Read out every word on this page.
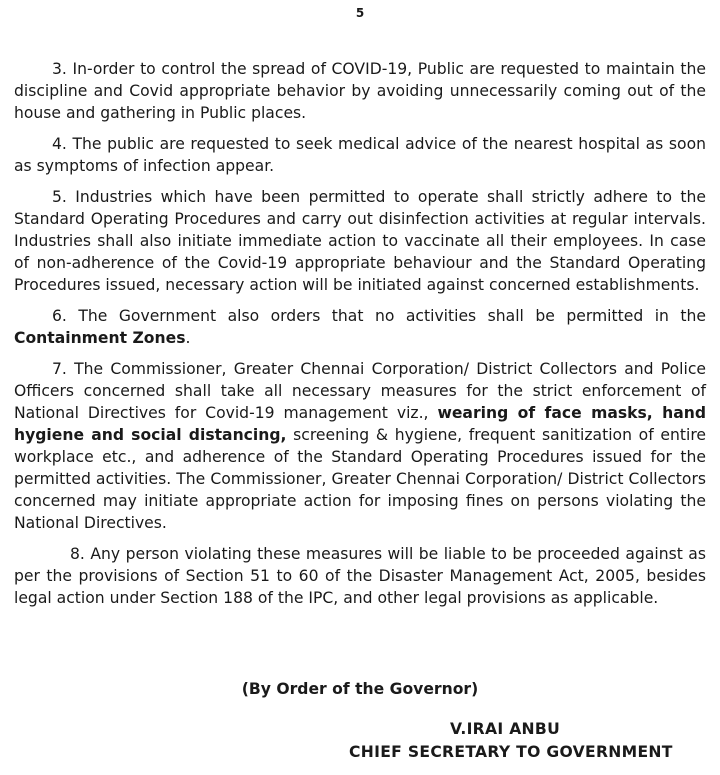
5

3. In-order to control the spread of COVID-19, Public are requested to maintain the discipline and Covid appropriate behavior by avoiding unnecessarily coming out of the house and gathering in Public places.

4. The public are requested to seek medical advice of the nearest hospital as soon as symptoms of infection appear.

5. Industries which have been permitted to operate shall strictly adhere to the Standard Operating Procedures and carry out disinfection activities at regular intervals. Industries shall also initiate immediate action to vaccinate all their employees. In case of non-adherence of the Covid-19 appropriate behaviour and the Standard Operating Procedures issued, necessary action will be initiated against concerned establishments.

6. The Government also orders that no activities shall be permitted in the Containment Zones.

7. The Commissioner, Greater Chennai Corporation/ District Collectors and Police Officers concerned shall take all necessary measures for the strict enforcement of National Directives for Covid-19 management viz., wearing of face masks, hand hygiene and social distancing, screening & hygiene, frequent sanitization of entire workplace etc., and adherence of the Standard Operating Procedures issued for the permitted activities. The Commissioner, Greater Chennai Corporation/ District Collectors concerned may initiate appropriate action for imposing fines on persons violating the National Directives.

8. Any person violating these measures will be liable to be proceeded against as per the provisions of Section 51 to 60 of the Disaster Management Act, 2005, besides legal action under Section 188 of the IPC, and other legal provisions as applicable.

(By Order of the Governor)
V.IRAI ANBU
CHIEF SECRETARY TO GOVERNMENT
